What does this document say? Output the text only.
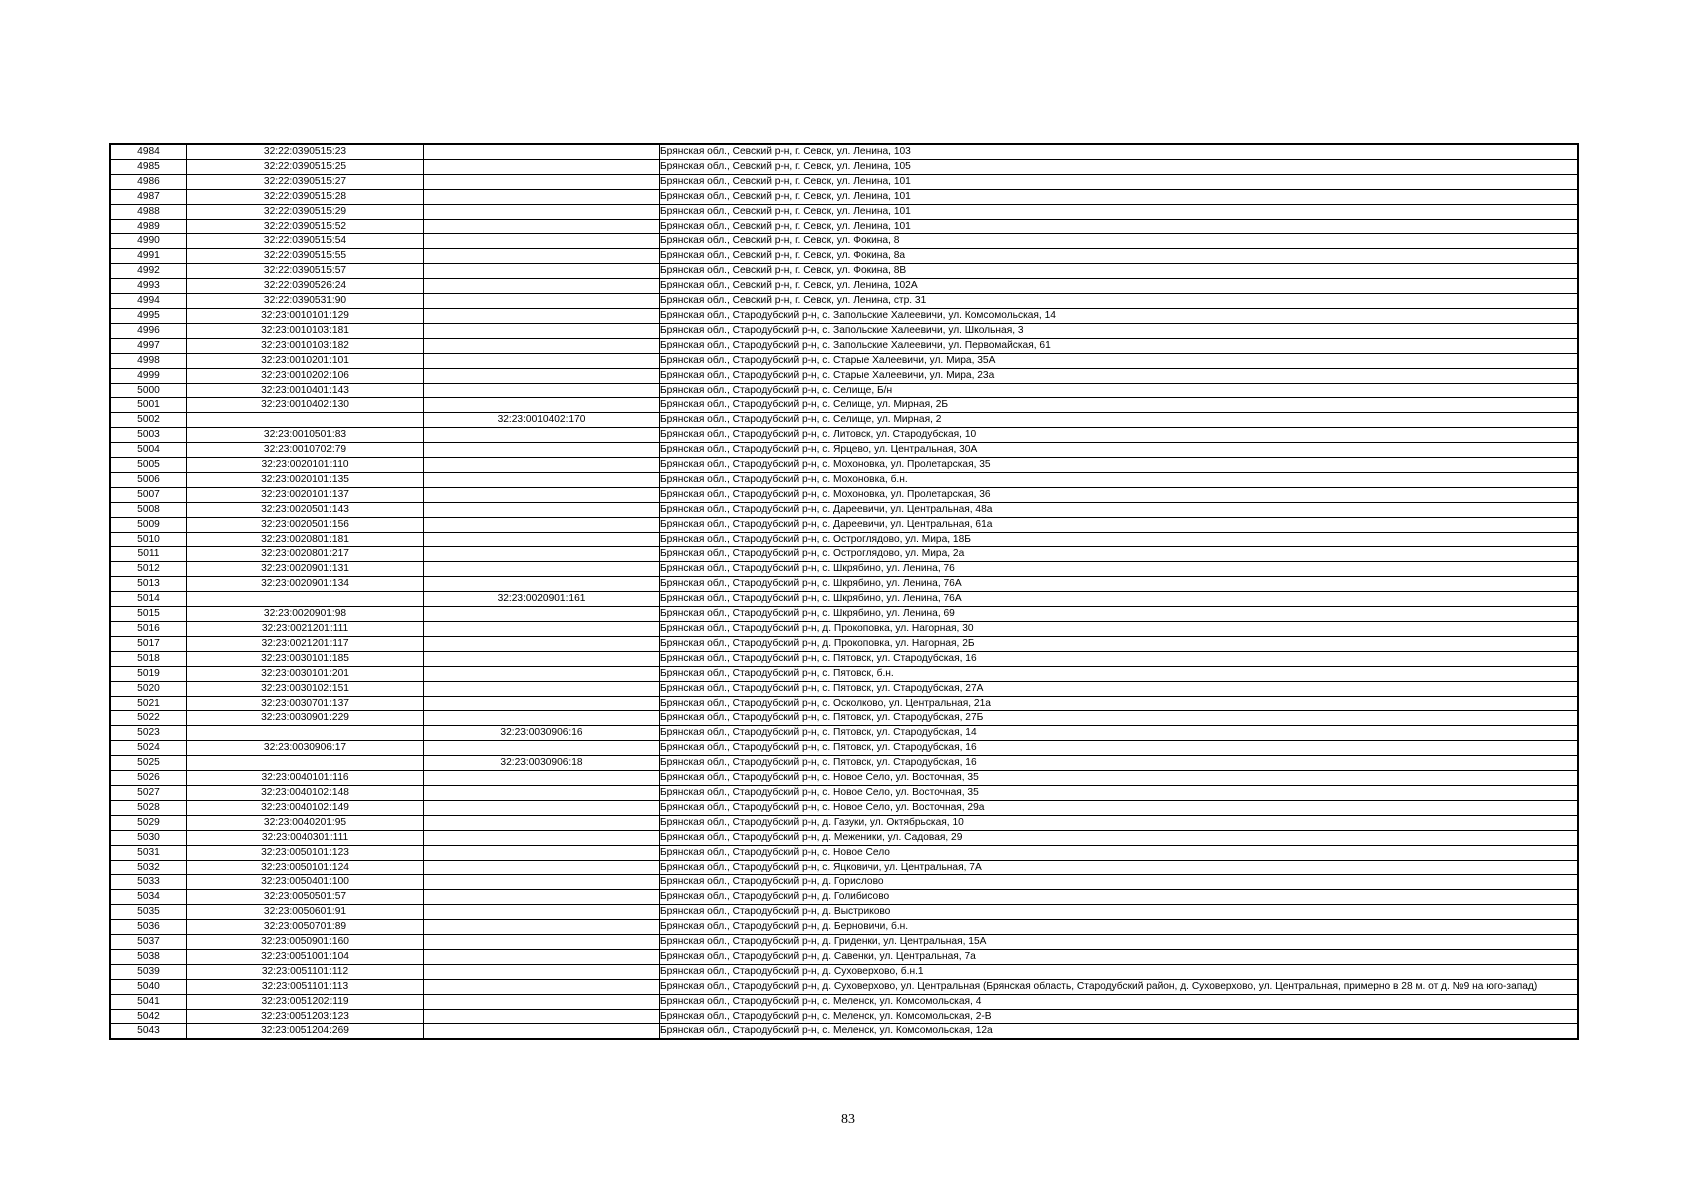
4984	32:22:0390515:23		Брянская обл., Севский р-н, г. Севск, ул. Ленина, 103
4985	32:22:0390515:25		Брянская обл., Севский р-н, г. Севск, ул. Ленина, 105
4986	32:22:0390515:27		Брянская обл., Севский р-н, г. Севск, ул. Ленина, 101
4987	32:22:0390515:28		Брянская обл., Севский р-н, г. Севск, ул. Ленина, 101
4988	32:22:0390515:29		Брянская обл., Севский р-н, г. Севск, ул. Ленина, 101
4989	32:22:0390515:52		Брянская обл., Севский р-н, г. Севск, ул. Ленина, 101
4990	32:22:0390515:54		Брянская обл., Севский р-н, г. Севск, ул. Фокина, 8
4991	32:22:0390515:55		Брянская обл., Севский р-н, г. Севск, ул. Фокина, 8а
4992	32:22:0390515:57		Брянская обл., Севский р-н, г. Севск, ул. Фокина, 8В
4993	32:22:0390526:24		Брянская обл., Севский р-н, г. Севск, ул. Ленина, 102А
4994	32:22:0390531:90		Брянская обл., Севский р-н, г. Севск, ул. Ленина, стр. 31
4995	32:23:0010101:129		Брянская обл., Стародубский р-н, с. Запольские Халеевичи, ул. Комсомольская, 14
4996	32:23:0010103:181		Брянская обл., Стародубский р-н, с. Запольские Халеевичи, ул. Школьная, 3
4997	32:23:0010103:182		Брянская обл., Стародубский р-н, с. Запольские Халеевичи, ул. Первомайская, 61
4998	32:23:0010201:101		Брянская обл., Стародубский р-н, с. Старые Халеевичи, ул. Мира, 35А
4999	32:23:0010202:106		Брянская обл., Стародубский р-н, с. Старые Халеевичи, ул. Мира, 23а
5000	32:23:0010401:143		Брянская обл., Стародубский р-н, с. Селище, Б/н
5001	32:23:0010402:130		Брянская обл., Стародубский р-н, с. Селище, ул. Мирная, 2Б
5002		32:23:0010402:170	Брянская обл., Стародубский р-н, с. Селище, ул. Мирная, 2
5003	32:23:0010501:83		Брянская обл., Стародубский р-н, с. Литовск, ул. Стародубская, 10
5004	32:23:0010702:79		Брянская обл., Стародубский р-н, с. Ярцево, ул. Центральная, 30А
5005	32:23:0020101:110		Брянская обл., Стародубский р-н, с. Мохоновка, ул. Пролетарская, 35
5006	32:23:0020101:135		Брянская обл., Стародубский р-н, с. Мохоновка, б.н.
5007	32:23:0020101:137		Брянская обл., Стародубский р-н, с. Мохоновка, ул. Пролетарская, 36
5008	32:23:0020501:143		Брянская обл., Стародубский р-н, с. Дареевичи, ул. Центральная, 48а
5009	32:23:0020501:156		Брянская обл., Стародубский р-н, с. Дареевичи, ул. Центральная, 61а
5010	32:23:0020801:181		Брянская обл., Стародубский р-н, с. Остроглядово, ул. Мира, 18Б
5011	32:23:0020801:217		Брянская обл., Стародубский р-н, с. Остроглядово, ул. Мира, 2а
5012	32:23:0020901:131		Брянская обл., Стародубский р-н, с. Шкрябино, ул. Ленина, 76
5013	32:23:0020901:134		Брянская обл., Стародубский р-н, с. Шкрябино, ул. Ленина, 76А
5014		32:23:0020901:161	Брянская обл., Стародубский р-н, с. Шкрябино, ул. Ленина, 76А
5015	32:23:0020901:98		Брянская обл., Стародубский р-н, с. Шкрябино, ул. Ленина, 69
5016	32:23:0021201:111		Брянская обл., Стародубский р-н, д. Прокоповка, ул. Нагорная, 30
5017	32:23:0021201:117		Брянская обл., Стародубский р-н, д. Прокоповка, ул. Нагорная, 2Б
5018	32:23:0030101:185		Брянская обл., Стародубский р-н, с. Пятовск, ул. Стародубская, 16
5019	32:23:0030101:201		Брянская обл., Стародубский р-н, с. Пятовск, б.н.
5020	32:23:0030102:151		Брянская обл., Стародубский р-н, с. Пятовск, ул. Стародубская, 27А
5021	32:23:0030701:137		Брянская обл., Стародубский р-н, с. Осколково, ул. Центральная, 21а
5022	32:23:0030901:229		Брянская обл., Стародубский р-н, с. Пятовск, ул. Стародубская, 27Б
5023		32:23:0030906:16	Брянская обл., Стародубский р-н, с. Пятовск, ул. Стародубская, 14
5024	32:23:0030906:17		Брянская обл., Стародубский р-н, с. Пятовск, ул. Стародубская, 16
5025		32:23:0030906:18	Брянская обл., Стародубский р-н, с. Пятовск, ул. Стародубская, 16
5026	32:23:0040101:116		Брянская обл., Стародубский р-н, с. Новое Село, ул. Восточная, 35
5027	32:23:0040102:148		Брянская обл., Стародубский р-н, с. Новое Село, ул. Восточная, 35
5028	32:23:0040102:149		Брянская обл., Стародубский р-н, с. Новое Село, ул. Восточная, 29а
5029	32:23:0040201:95		Брянская обл., Стародубский р-н, д. Газуки, ул. Октябрьская, 10
5030	32:23:0040301:111		Брянская обл., Стародубский р-н, д. Меженики, ул. Садовая, 29
5031	32:23:0050101:123		Брянская обл., Стародубский р-н, с. Новое Село
5032	32:23:0050101:124		Брянская обл., Стародубский р-н, с. Яцковичи, ул. Центральная, 7А
5033	32:23:0050401:100		Брянская обл., Стародубский р-н, д. Горислово
5034	32:23:0050501:57		Брянская обл., Стародубский р-н, д. Голибисово
5035	32:23:0050601:91		Брянская обл., Стародубский р-н, д. Выстриково
5036	32:23:0050701:89		Брянская обл., Стародубский р-н, д. Берновичи, б.н.
5037	32:23:0050901:160		Брянская обл., Стародубский р-н, д. Гриденки, ул. Центральная, 15А
5038	32:23:0051001:104		Брянская обл., Стародубский р-н, д. Савенки, ул. Центральная, 7а
5039	32:23:0051101:112		Брянская обл., Стародубский р-н, д. Суховерхово, б.н.1
5040	32:23:0051101:113		Брянская обл., Стародубский р-н, д. Суховерхово, ул. Центральная (Брянская область, Стародубский район, д. Суховерхово, ул. Центральная, примерно в 28 м. от д. №9 на юго-запад)
5041	32:23:0051202:119		Брянская обл., Стародубский р-н, с. Меленск, ул. Комсомольская, 4
5042	32:23:0051203:123		Брянская обл., Стародубский р-н, с. Меленск, ул. Комсомольская, 2-В
5043	32:23:0051204:269		Брянская обл., Стародубский р-н, с. Меленск, ул. Комсомольская, 12а
83
